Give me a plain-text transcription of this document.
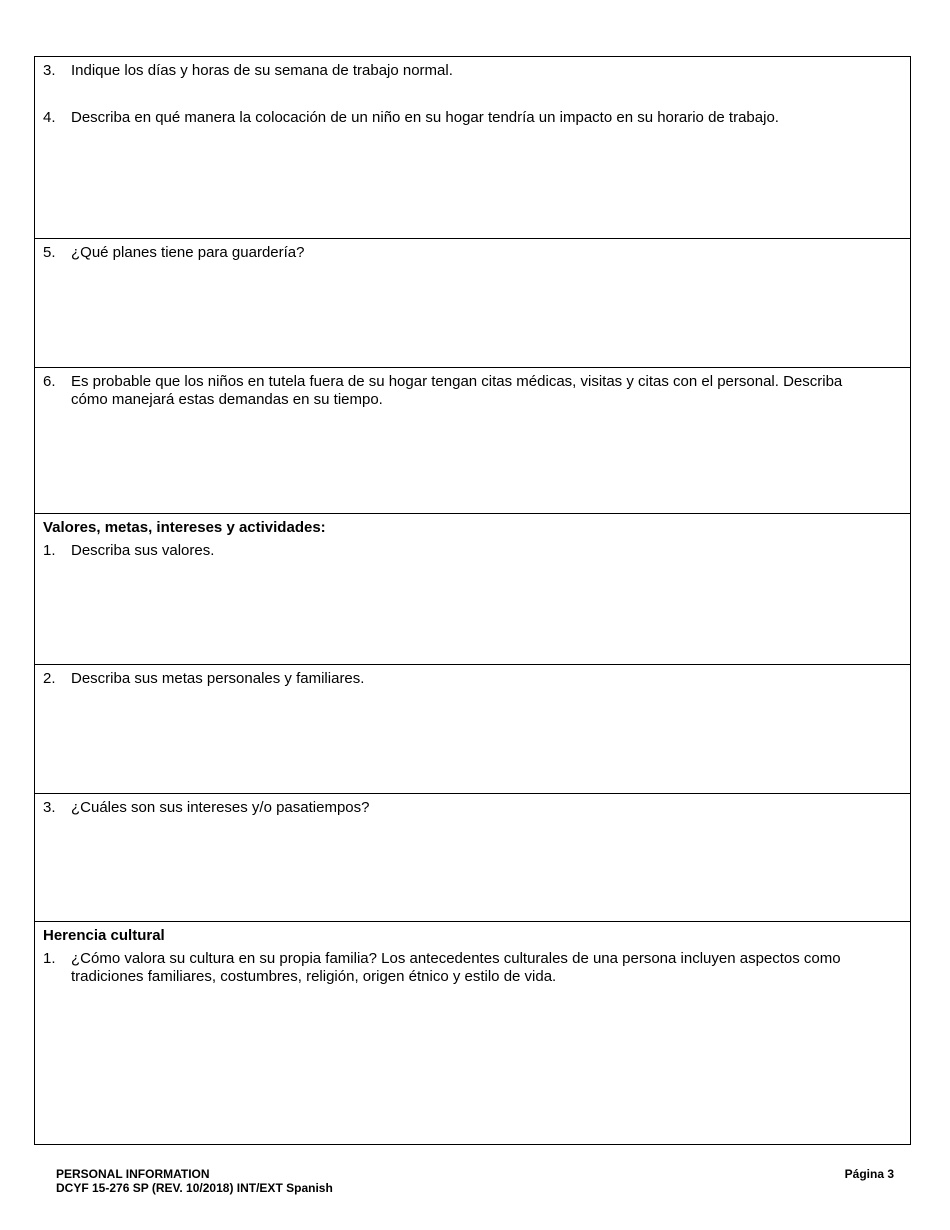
3.	Indique los días y horas de su semana de trabajo normal.
4.	Describa en qué manera la colocación de un niño en su hogar tendría un impacto en su horario de trabajo.
5.	¿Qué planes tiene para guardería?
6.	Es probable que los niños en tutela fuera de su hogar tengan citas médicas, visitas y citas con el personal. Describa cómo manejará estas demandas en su tiempo.
Valores, metas, intereses y actividades:
1.	Describa sus valores.
2.	Describa sus metas personales y familiares.
3.	¿Cuáles son sus intereses y/o pasatiempos?
Herencia cultural
1.	¿Cómo valora su cultura en su propia familia? Los antecedentes culturales de una persona incluyen aspectos como tradiciones familiares, costumbres, religión, origen étnico y estilo de vida.
PERSONAL INFORMATION
DCYF 15-276 SP (REV. 10/2018) INT/EXT Spanish
Página 3
